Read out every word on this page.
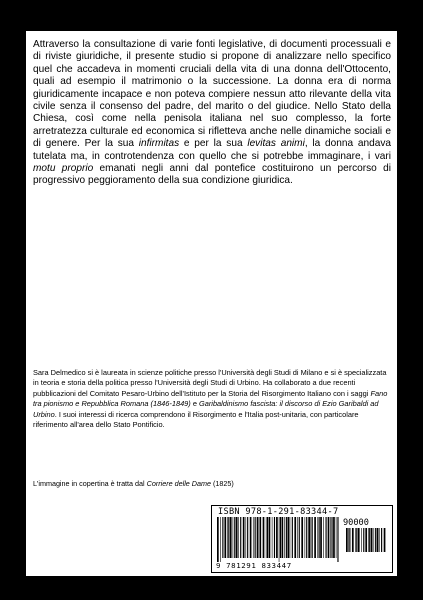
Attraverso la consultazione di varie fonti legislative, di documenti processuali e di riviste giuridiche, il presente studio si propone di analizzare nello specifico quel che accadeva in momenti cruciali della vita di una donna dell'Ottocento, quali ad esempio il matrimonio o la successione. La donna era di norma giuridicamente incapace e non poteva compiere nessun atto rilevante della vita civile senza il consenso del padre, del marito o del giudice. Nello Stato della Chiesa, così come nella penisola italiana nel suo complesso, la forte arretratezza culturale ed economica si rifletteva anche nelle dinamiche sociali e di genere. Per la sua infirmitas e per la sua levitas animi, la donna andava tutelata ma, in controtendenza con quello che si potrebbe immaginare, i vari motu proprio emanati negli anni dal pontefice costituirono un percorso di progressivo peggioramento della sua condizione giuridica.

Sara Delmedico si è laureata in scienze politiche presso l'Università degli Studi di Milano e si è specializzata in teoria e storia della politica presso l'Università degli Studi di Urbino. Ha collaborato a due recenti pubblicazioni del Comitato Pesaro-Urbino dell'Istituto per la Storia del Risorgimento Italiano con i saggi Fano tra pionismo e Repubblica Romana (1846-1849) e Garibaldinismo fascista: il discorso di Ezio Garibaldi ad Urbino. I suoi interessi di ricerca comprendono il Risorgimento e l'Italia post-unitaria, con particolare riferimento all'area dello Stato Pontificio.

L'immagine in copertina è tratta dal Corriere delle Dame (1825)

ISBN 978-1-291-83344-7
90000
9 781291 833447
